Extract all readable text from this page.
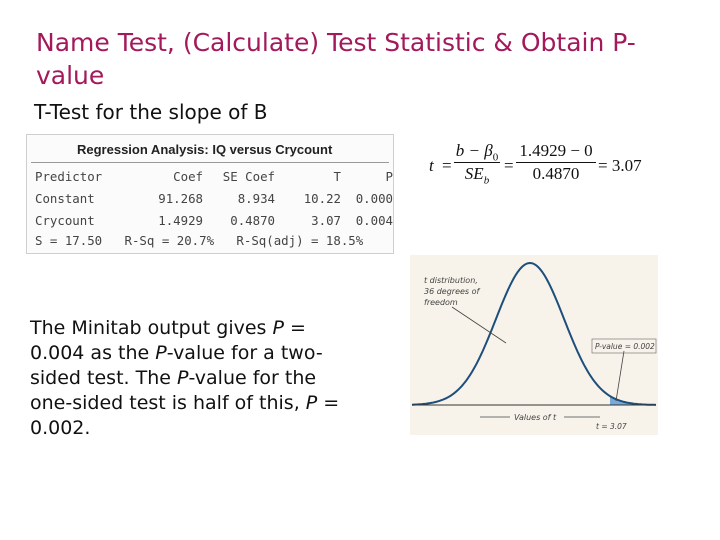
Name Test, (Calculate) Test Statistic & Obtain P-value
T-Test for the slope of B
Regression Analysis: IQ versus Crycount
Predictor	Coef	SE Coef	T	P
Constant	91.268	8.934	10.22	0.000
Crycount	1.4929	0.4870	3.07	0.004
S = 17.50   R-Sq = 20.7%   R-Sq(adj) = 18.5%
t =
$b - \beta_0$
$SE_b$
=
1.4929 − 0
0.4870	= 3.07
The Minitab output gives P = 0.004 as the P-value for a two-sided test. The P-value for the one-sided test is half of this, P = 0.002.
t distribution,
36 degrees of
freedom
P-value = 0.002
Values of t
t = 3.07
